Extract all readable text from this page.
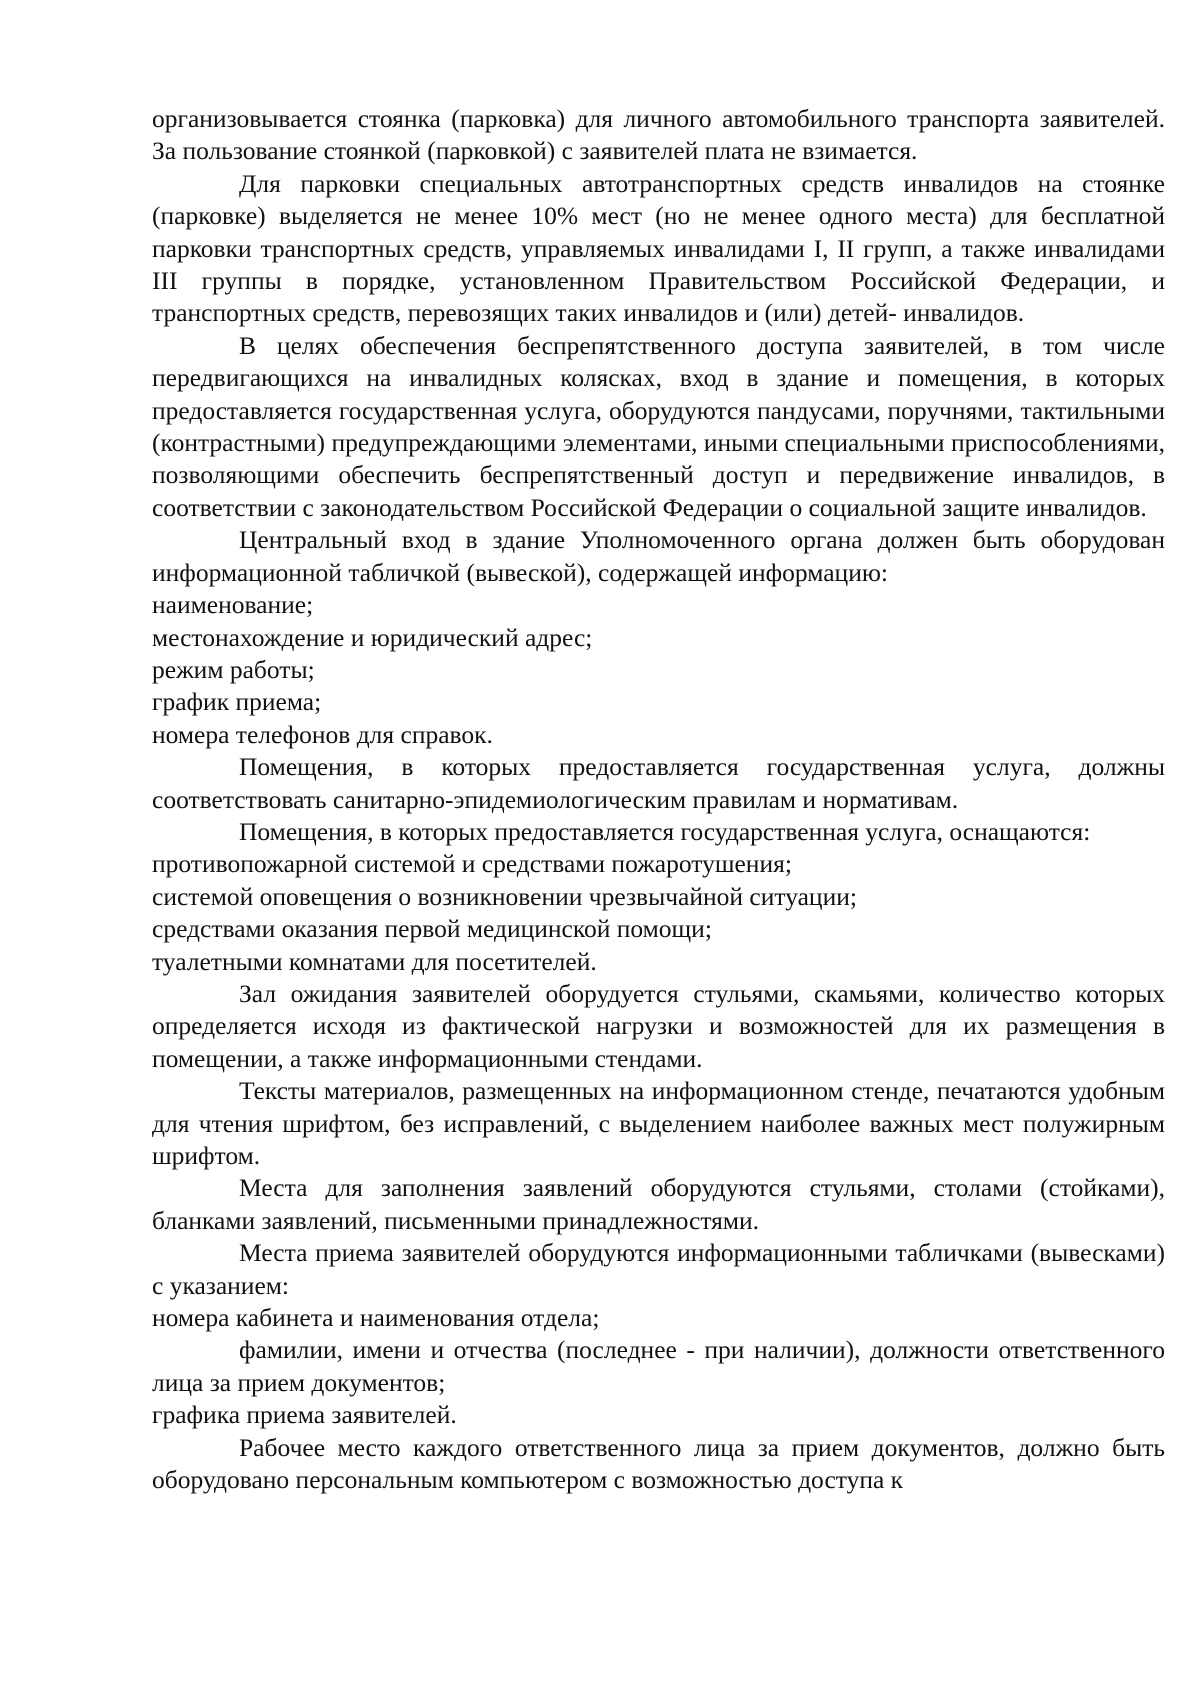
организовывается стоянка (парковка) для личного автомобильного транспорта заявителей. За пользование стоянкой (парковкой) с заявителей плата не взимается.

Для парковки специальных автотранспортных средств инвалидов на стоянке (парковке) выделяется не менее 10% мест (но не менее одного места) для бесплатной парковки транспортных средств, управляемых инвалидами I, II групп, а также инвалидами III группы в порядке, установленном Правительством Российской Федерации, и транспортных средств, перевозящих таких инвалидов и (или) детей- инвалидов.

В целях обеспечения беспрепятственного доступа заявителей, в том числе передвигающихся на инвалидных колясках, вход в здание и помещения, в которых предоставляется государственная услуга, оборудуются пандусами, поручнями, тактильными (контрастными) предупреждающими элементами, иными специальными приспособлениями, позволяющими обеспечить беспрепятственный доступ и передвижение инвалидов, в соответствии с законодательством Российской Федерации о социальной защите инвалидов.

Центральный вход в здание Уполномоченного органа должен быть оборудован информационной табличкой (вывеской), содержащей информацию:

наименование;

местонахождение и юридический адрес;

режим работы;

график приема;

номера телефонов для справок.

Помещения, в которых предоставляется государственная услуга, должны соответствовать санитарно-эпидемиологическим правилам и нормативам.

Помещения, в которых предоставляется государственная услуга, оснащаются:

противопожарной системой и средствами пожаротушения;

системой оповещения о возникновении чрезвычайной ситуации;

средствами оказания первой медицинской помощи;

туалетными комнатами для посетителей.

Зал ожидания заявителей оборудуется стульями, скамьями, количество которых определяется исходя из фактической нагрузки и возможностей для их размещения в помещении, а также информационными стендами.

Тексты материалов, размещенных на информационном стенде, печатаются удобным для чтения шрифтом, без исправлений, с выделением наиболее важных мест полужирным шрифтом.

Места для заполнения заявлений оборудуются стульями, столами (стойками), бланками заявлений, письменными принадлежностями.

Места приема заявителей оборудуются информационными табличками (вывесками) с указанием:

номера кабинета и наименования отдела;

фамилии, имени и отчества (последнее - при наличии), должности ответственного лица за прием документов;

графика приема заявителей.

Рабочее место каждого ответственного лица за прием документов, должно быть оборудовано персональным компьютером с возможностью доступа к
